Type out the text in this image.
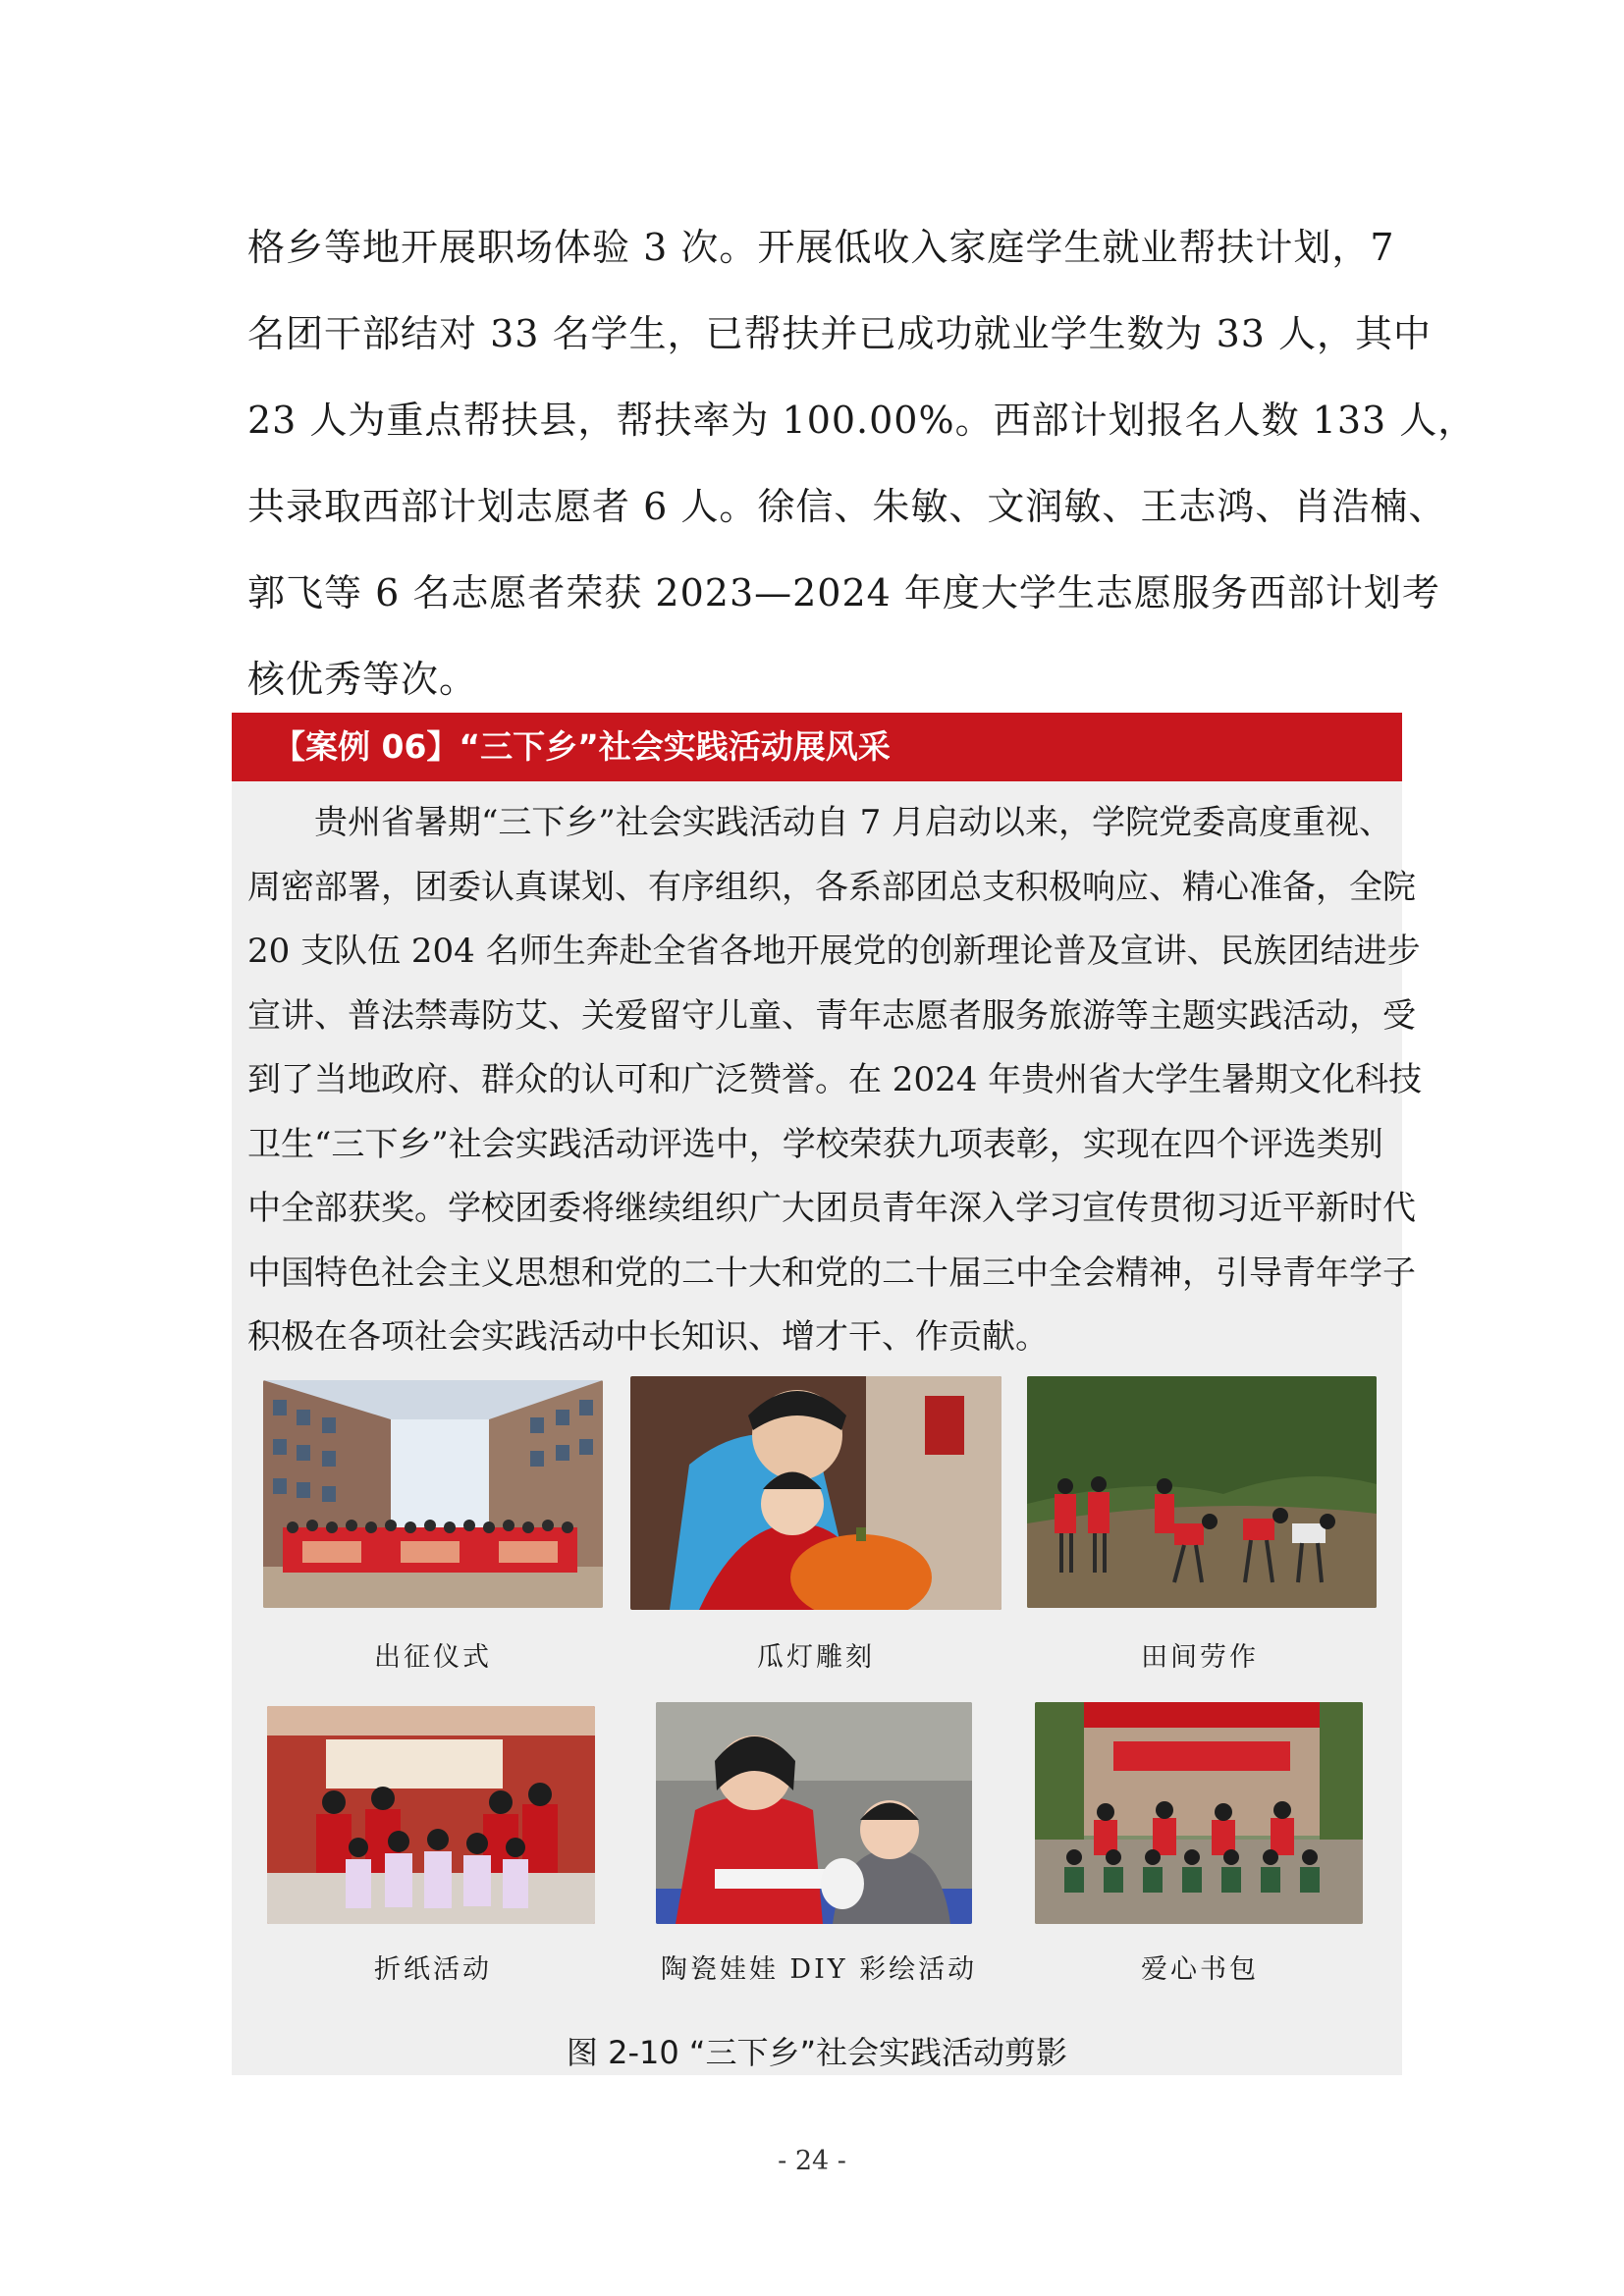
格乡等地开展职场体验 3 次。开展低收入家庭学生就业帮扶计划，7
名团干部结对 33 名学生，已帮扶并已成功就业学生数为 33 人，其中
23 人为重点帮扶县，帮扶率为 100.00%。西部计划报名人数 133 人，
共录取西部计划志愿者 6 人。徐信、朱敏、文润敏、王志鸿、肖浩楠、
郭飞等 6 名志愿者荣获 2023—2024 年度大学生志愿服务西部计划考
核优秀等次。
【案例 06】“三下乡”社会实践活动展风采
贵州省暑期“三下乡”社会实践活动自 7 月启动以来，学院党委高度重视、
周密部署，团委认真谋划、有序组织，各系部团总支积极响应、精心准备，全院
20 支队伍 204 名师生奔赴全省各地开展党的创新理论普及宣讲、民族团结进步
宣讲、普法禁毒防艾、关爱留守儿童、青年志愿者服务旅游等主题实践活动，受
到了当地政府、群众的认可和广泛赞誉。在 2024 年贵州省大学生暑期文化科技
卫生“三下乡”社会实践活动评选中，学校荣获九项表彰，实现在四个评选类别
中全部获奖。学校团委将继续组织广大团员青年深入学习宣传贯彻习近平新时代
中国特色社会主义思想和党的二十大和党的二十届三中全会精神，引导青年学子
积极在各项社会实践活动中长知识、增才干、作贡献。
出征仪式	瓜灯雕刻	田间劳作
折纸活动	陶瓷娃娃 DIY 彩绘活动	爱心书包
图 2-10 “三下乡”社会实践活动剪影
- 24 -
